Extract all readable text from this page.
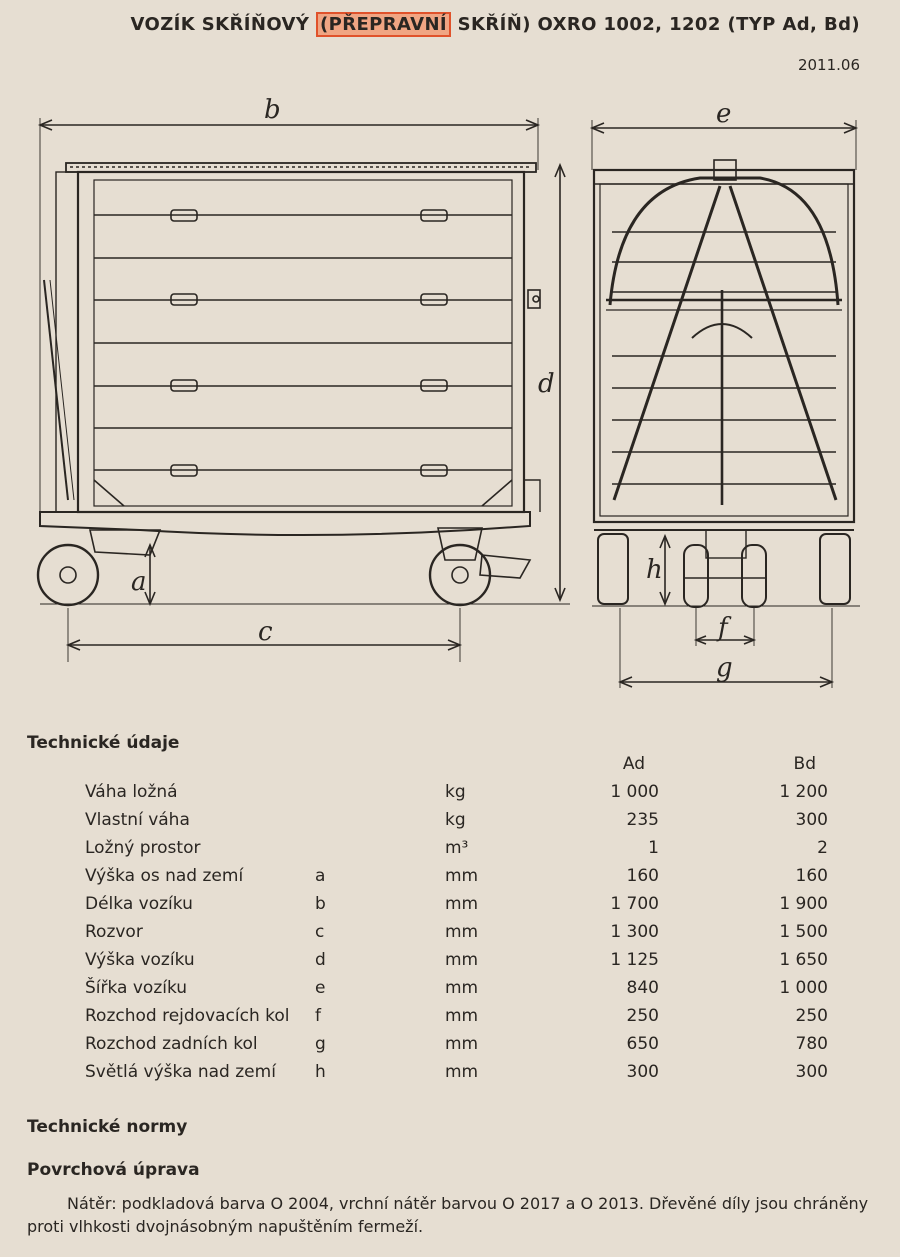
VOZÍK SKŘÍŇOVÝ (PŘEPRAVNÍ SKŘÍŇ) OXRO 1002, 1202 (TYP Ad, Bd)
2011.06
b
d
a
c
e
h
f
g
Technické údaje
			Ad	Bd
Váha ložná		kg	1 000	1 200
Vlastní váha		kg	235	300
Ložný prostor		m³	1	2
Výška os nad zemí	a	mm	160	160
Délka vozíku	b	mm	1 700	1 900
Rozvor	c	mm	1 300	1 500
Výška vozíku	d	mm	1 125	1 650
Šířka vozíku	e	mm	840	1 000
Rozchod rejdovacích kol	f	mm	250	250
Rozchod zadních kol	g	mm	650	780
Světlá výška nad zemí	h	mm	300	300
Technické normy
Povrchová úprava
Nátěr: podkladová barva O 2004, vrchní nátěr barvou O 2017 a O 2013. Dřevěné díly jsou chráněny proti vlhkosti dvojnásobným napuštěním fermeží.
